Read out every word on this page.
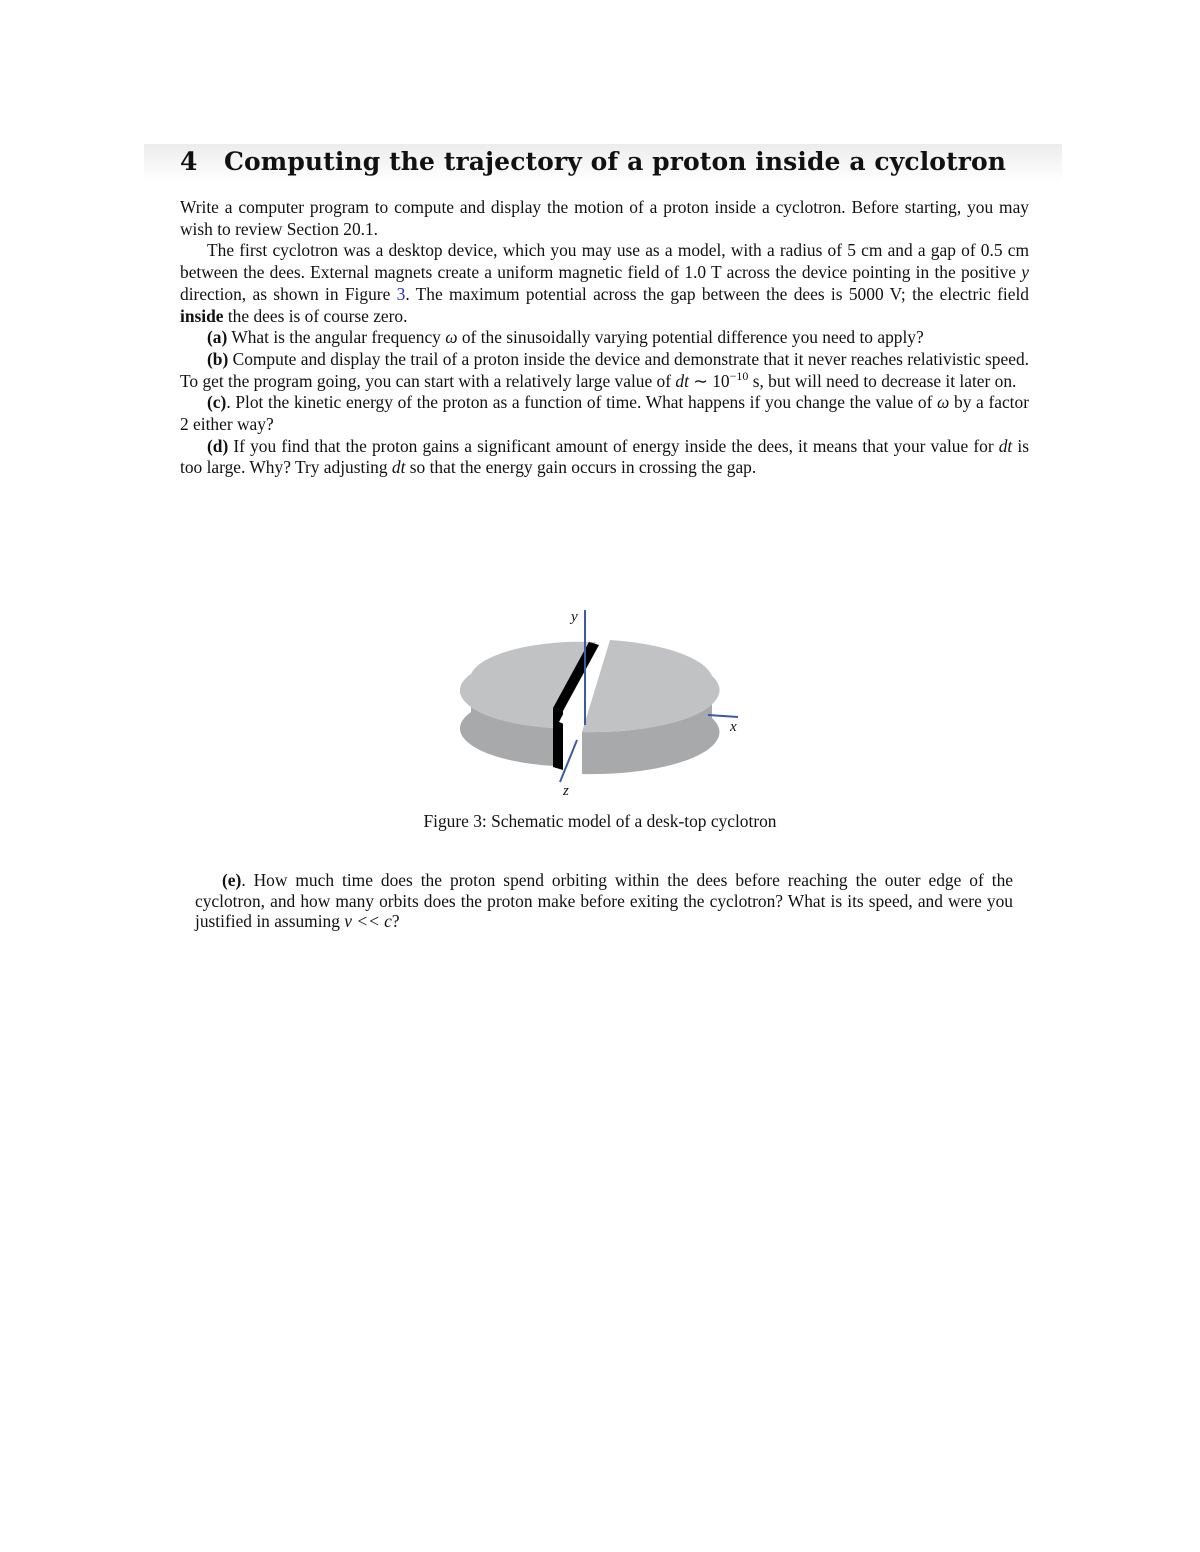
4 Computing the trajectory of a proton inside a cyclotron

Write a computer program to compute and display the motion of a proton inside a cyclotron. Before starting, you may wish to review Section 20.1.

The first cyclotron was a desktop device, which you may use as a model, with a radius of 5 cm and a gap of 0.5 cm between the dees. External magnets create a uniform magnetic field of 1.0 T across the device pointing in the positive y direction, as shown in Figure 3. The maximum potential across the gap between the dees is 5000 V; the electric field inside the dees is of course zero.

(a) What is the angular frequency ω of the sinusoidally varying potential difference you need to apply?

(b) Compute and display the trail of a proton inside the device and demonstrate that it never reaches relativistic speed. To get the program going, you can start with a relatively large value of dt ∼ $10^{-10}$ s, but will need to decrease it later on.

(c). Plot the kinetic energy of the proton as a function of time. What happens if you change the value of ω by a factor 2 either way?

(d) If you find that the proton gains a significant amount of energy inside the dees, it means that your value for dt is too large. Why? Try adjusting dt so that the energy gain occurs in crossing the gap.

y
x
z
Figure 3: Schematic model of a desk-top cyclotron

(e). How much time does the proton spend orbiting within the dees before reaching the outer edge of the cyclotron, and how many orbits does the proton make before exiting the cyclotron? What is its speed, and were you justified in assuming v << c?
